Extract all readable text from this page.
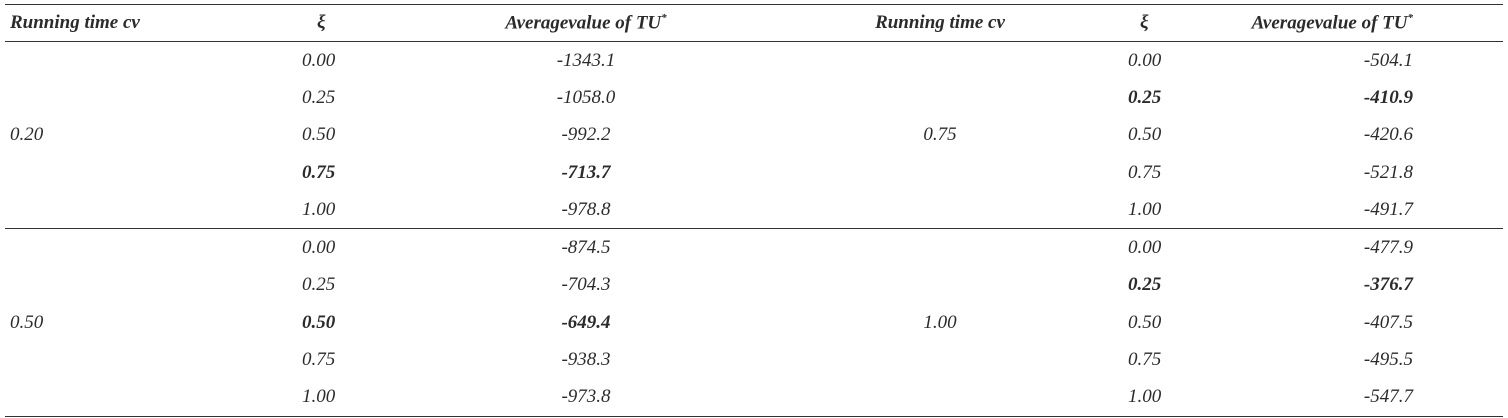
Running time cv	ξ	Averagevalue of TU*	Running time cv	ξ	Averagevalue of TU*
0.20	0.00	-1343.1	0.75	0.00	-504.1
	0.25	-1058.0		0.25	-410.9
	0.50	-992.2		0.50	-420.6
	0.75	-713.7		0.75	-521.8
	1.00	-978.8		1.00	-491.7
0.50	0.00	-874.5	1.00	0.00	-477.9
	0.25	-704.3		0.25	-376.7
	0.50	-649.4		0.50	-407.5
	0.75	-938.3		0.75	-495.5
	1.00	-973.8		1.00	-547.7
